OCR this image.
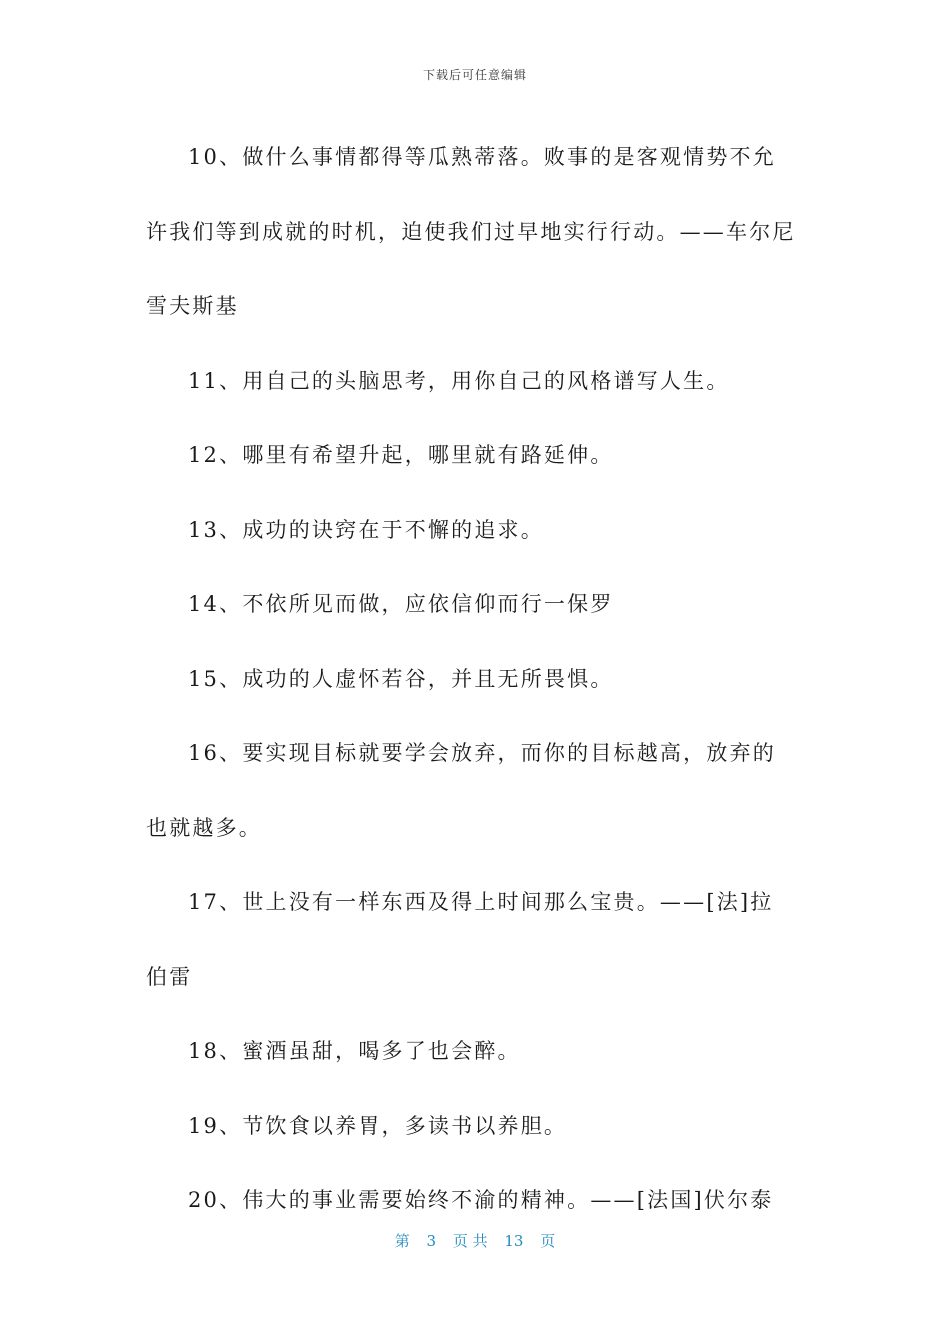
下载后可任意编辑

10、做什么事情都得等瓜熟蒂落。败事的是客观情势不允许我们等到成就的时机，迫使我们过早地实行行动。——车尔尼雪夫斯基

11、用自己的头脑思考，用你自己的风格谱写人生。

12、哪里有希望升起，哪里就有路延伸。

13、成功的诀窍在于不懈的追求。

14、不依所见而做，应依信仰而行一保罗

15、成功的人虚怀若谷，并且无所畏惧。

16、要实现目标就要学会放弃，而你的目标越高，放弃的也就越多。

17、世上没有一样东西及得上时间那么宝贵。——[法]拉伯雷

18、蜜酒虽甜，喝多了也会醉。

19、节饮食以养胃，多读书以养胆。

20、伟大的事业需要始终不渝的精神。——[法国]伏尔泰

第 3 页 共 13 页
